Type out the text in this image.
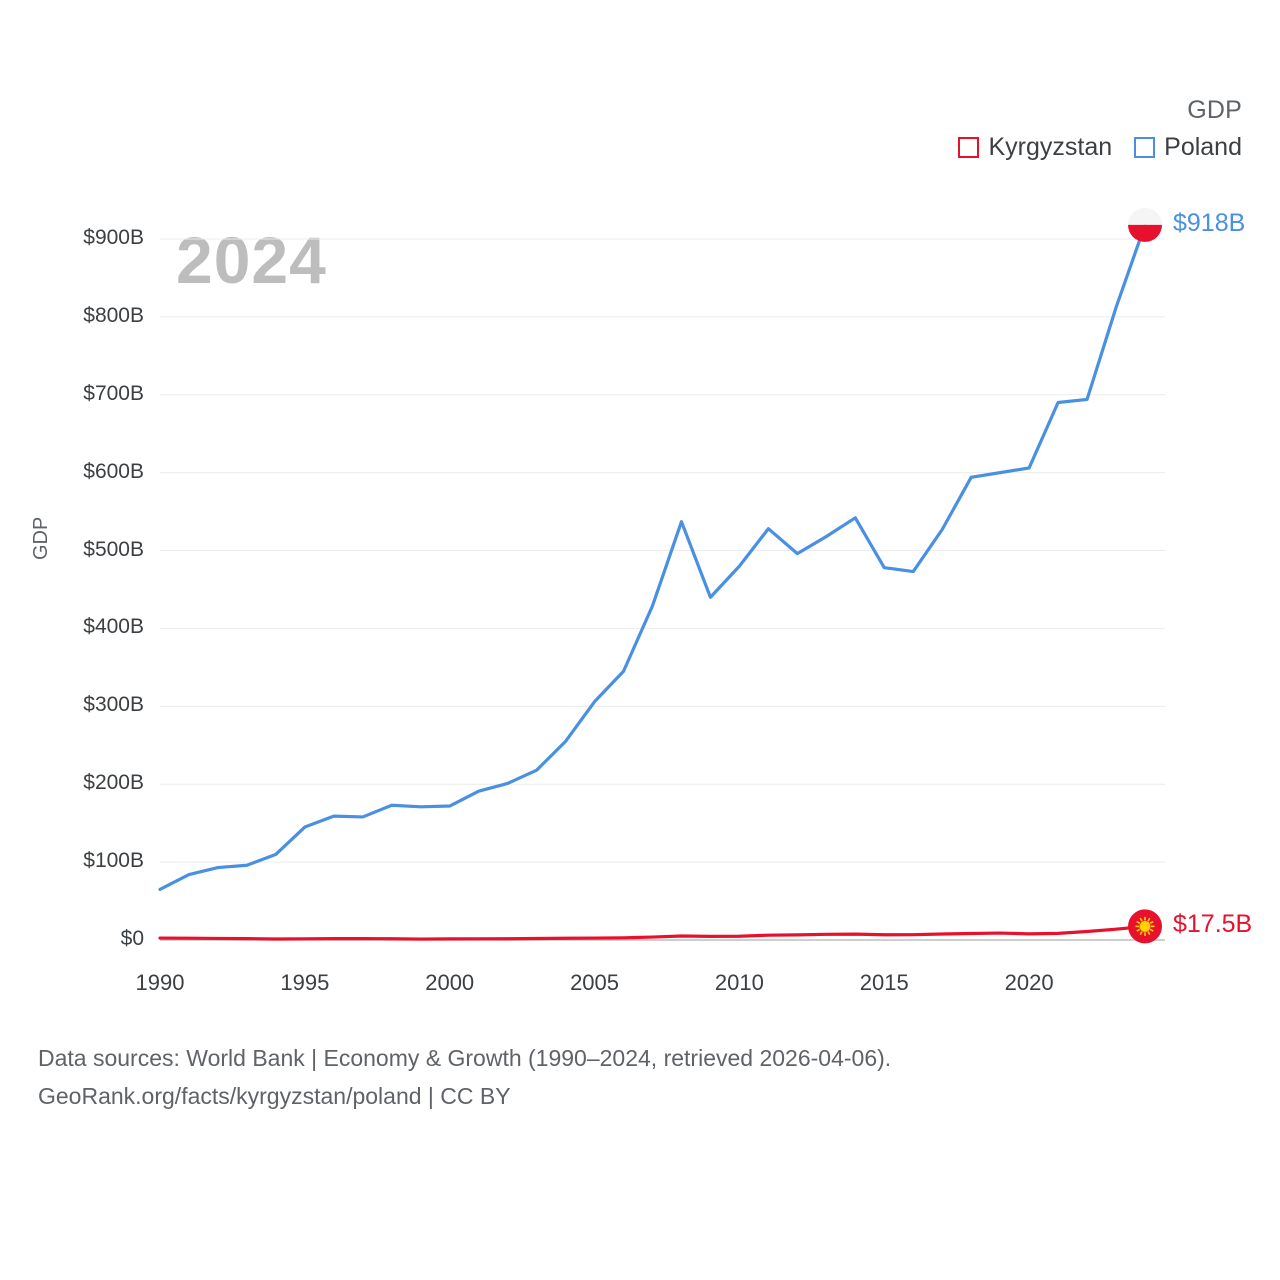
GDP
Kyrgyzstan Poland
2024
GDP
$918B
$17.5B
Data sources: World Bank | Economy & Growth (1990–2024, retrieved 2026-04-06).
GeoRank.org/facts/kyrgyzstan/poland | CC BY
$0
$100B
$200B
$300B
$400B
$500B
$600B
$700B
$800B
$900B
1990	1995	2000	2005	2010	2015	2020
